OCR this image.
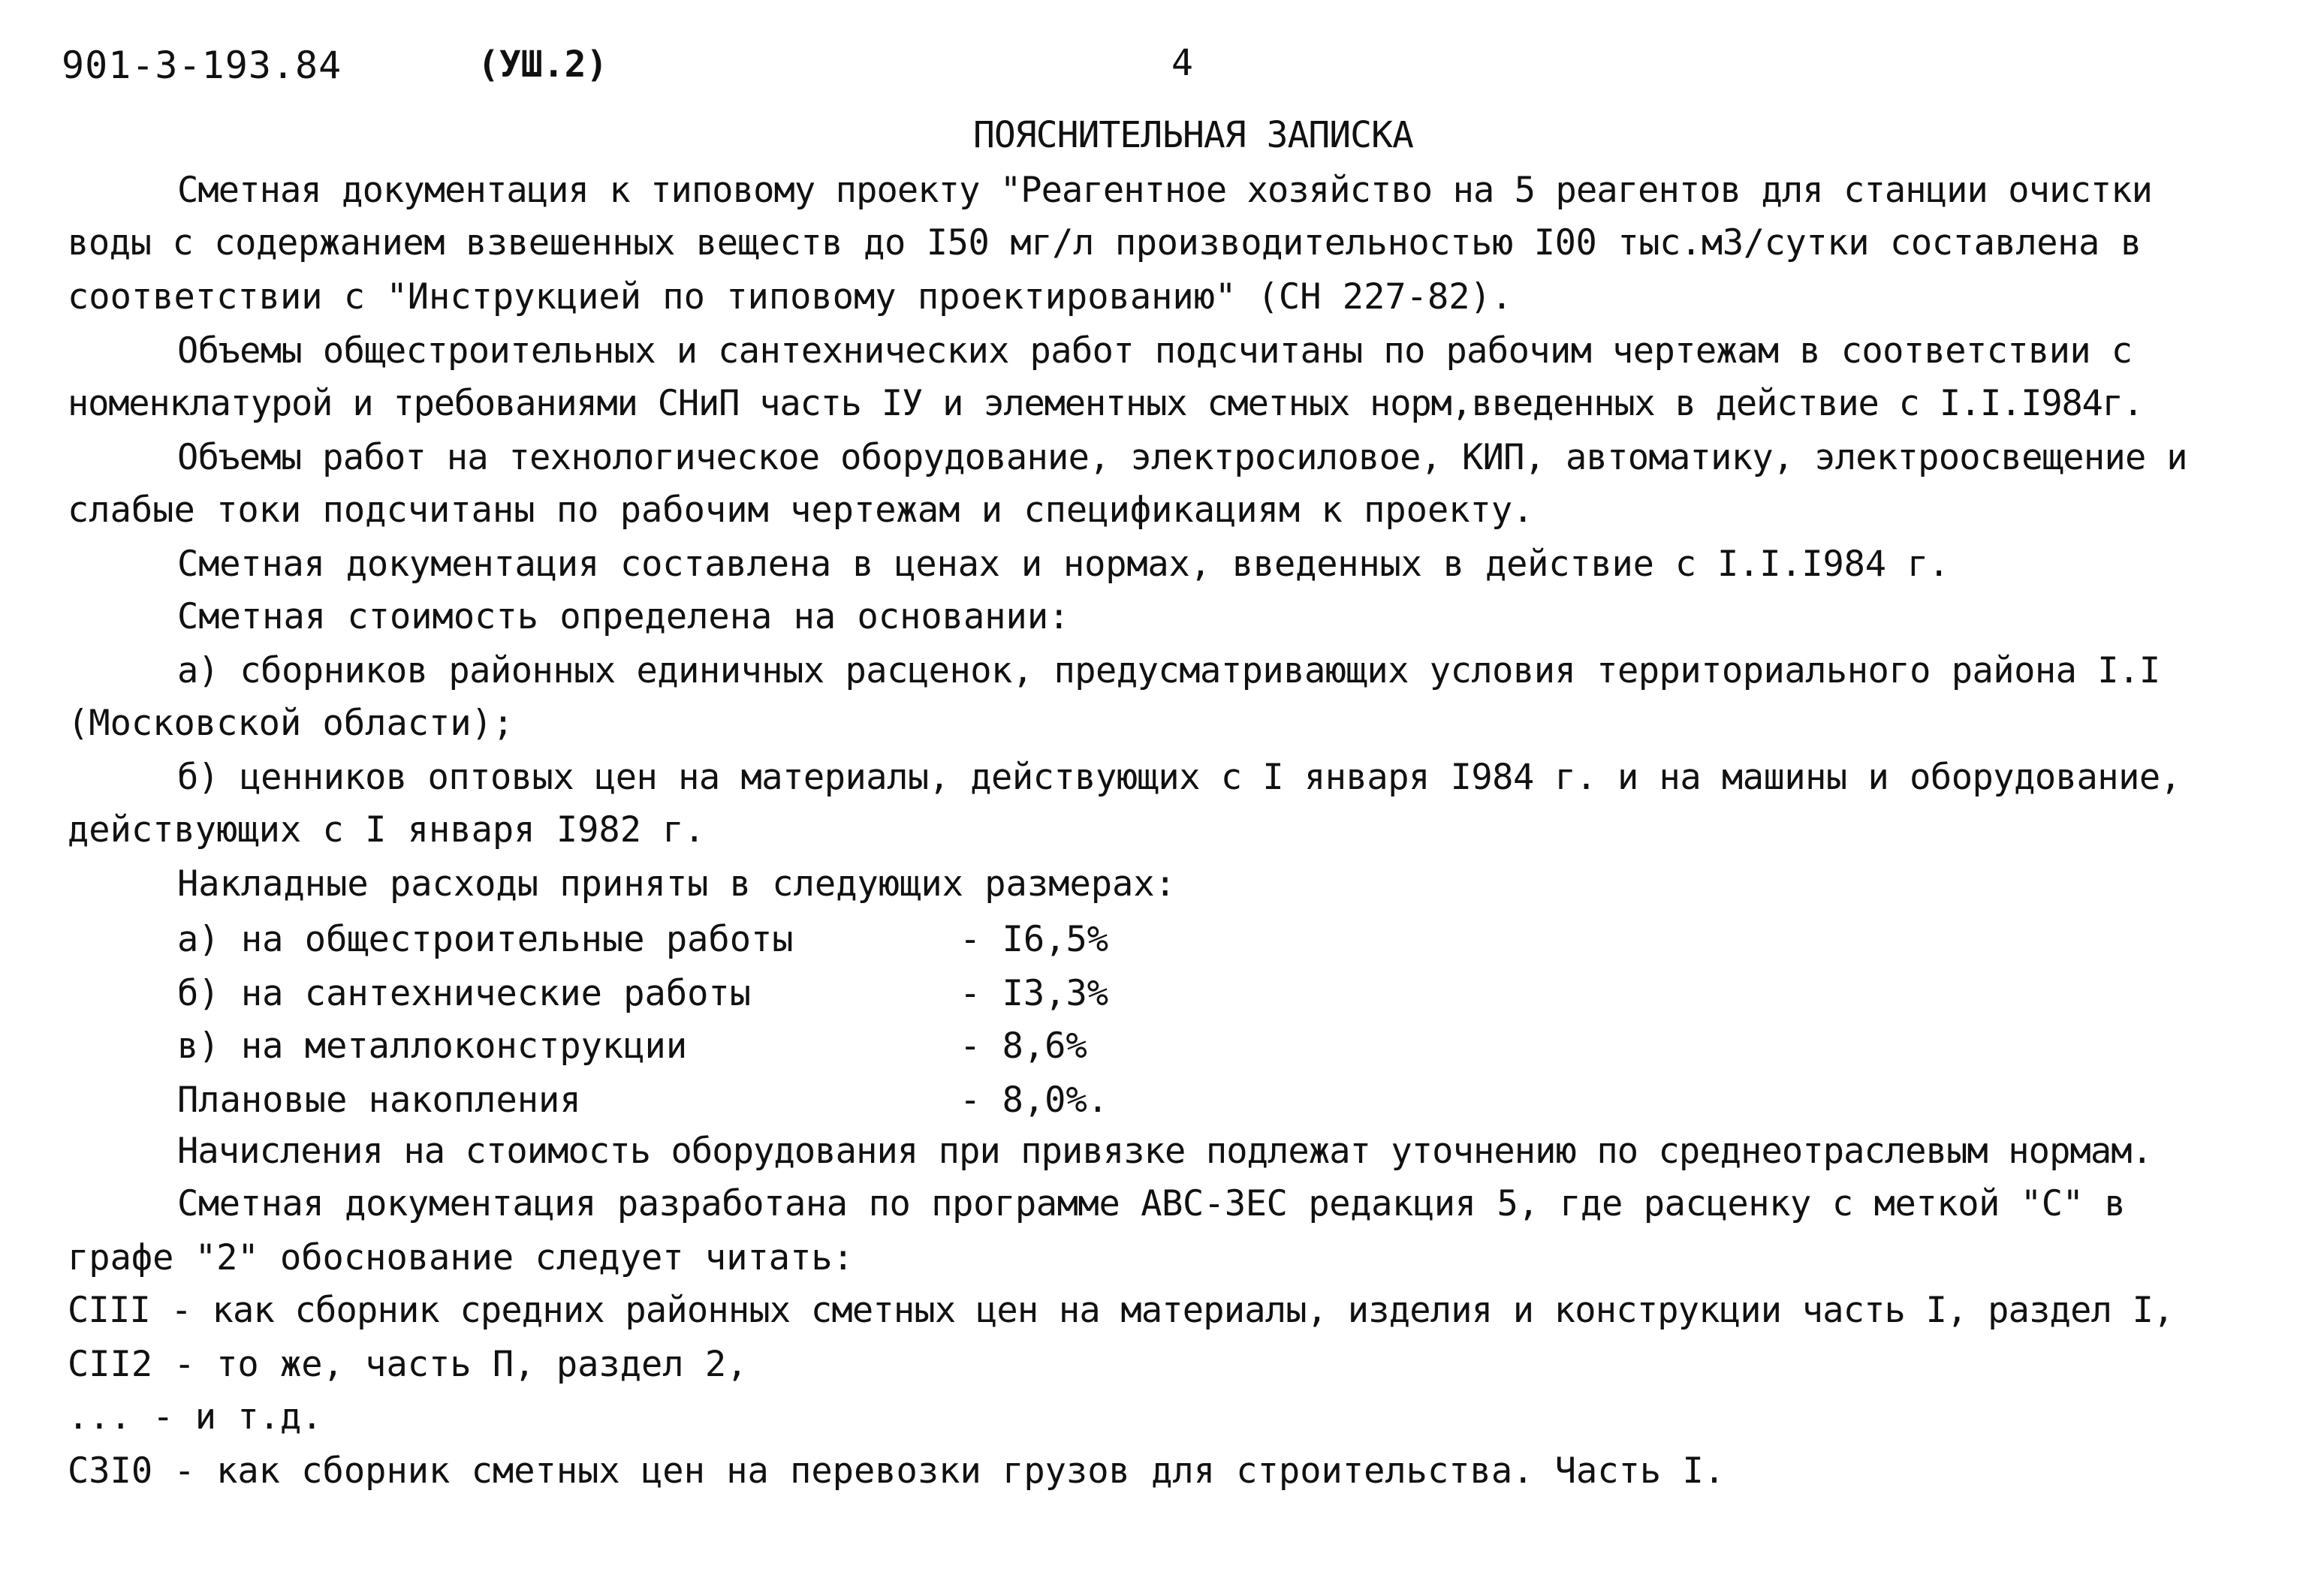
901-3-193.84	(УШ.2)	4
ПОЯСНИТЕЛЬНАЯ ЗАПИСКА
Сметная документация к типовому проекту "Реагентное хозяйство на 5 реагентов для станции очистки
воды с содержанием взвешенных веществ до I50 мг/л производительностью I00 тыс.м3/сутки составлена в
соответствии с "Инструкцией по типовому проектированию" (СН 227-82).
Объемы общестроительных и сантехнических работ подсчитаны по рабочим чертежам в соответствии с
номенклатурой и требованиями СНиП часть IУ и элементных сметных норм,введенных в действие с I.I.I984г.
Объемы работ на технологическое оборудование, электросиловое, КИП, автоматику, электроосвещение и
слабые токи подсчитаны по рабочим чертежам и спецификациям к проекту.
Сметная документация составлена в ценах и нормах, введенных в действие с I.I.I984 г.
Сметная стоимость определена на основании:
а) сборников районных единичных расценок, предусматривающих условия территориального района I.I
(Московской области);
б) ценников оптовых цен на материалы, действующих с I января I984 г. и на машины и оборудование,
действующих с I января I982 г.
Накладные расходы приняты в следующих размерах:
а) на общестроительные работы	- I6,5%
б) на сантехнические работы	- I3,3%
в) на металлоконструкции	- 8,6%
Плановые накопления	- 8,0%.
Начисления на стоимость оборудования при привязке подлежат уточнению по среднеотраслевым нормам.
Сметная документация разработана по программе АВС-ЗЕС редакция 5, где расценку с меткой "С" в
графе "2" обоснование следует читать:
CIII - как сборник средних районных сметных цен на материалы, изделия и конструкции часть I, раздел I,
CII2 - то же, часть П, раздел 2,
... - и т.д.
C3I0 - как сборник сметных цен на перевозки грузов для строительства. Часть I.
